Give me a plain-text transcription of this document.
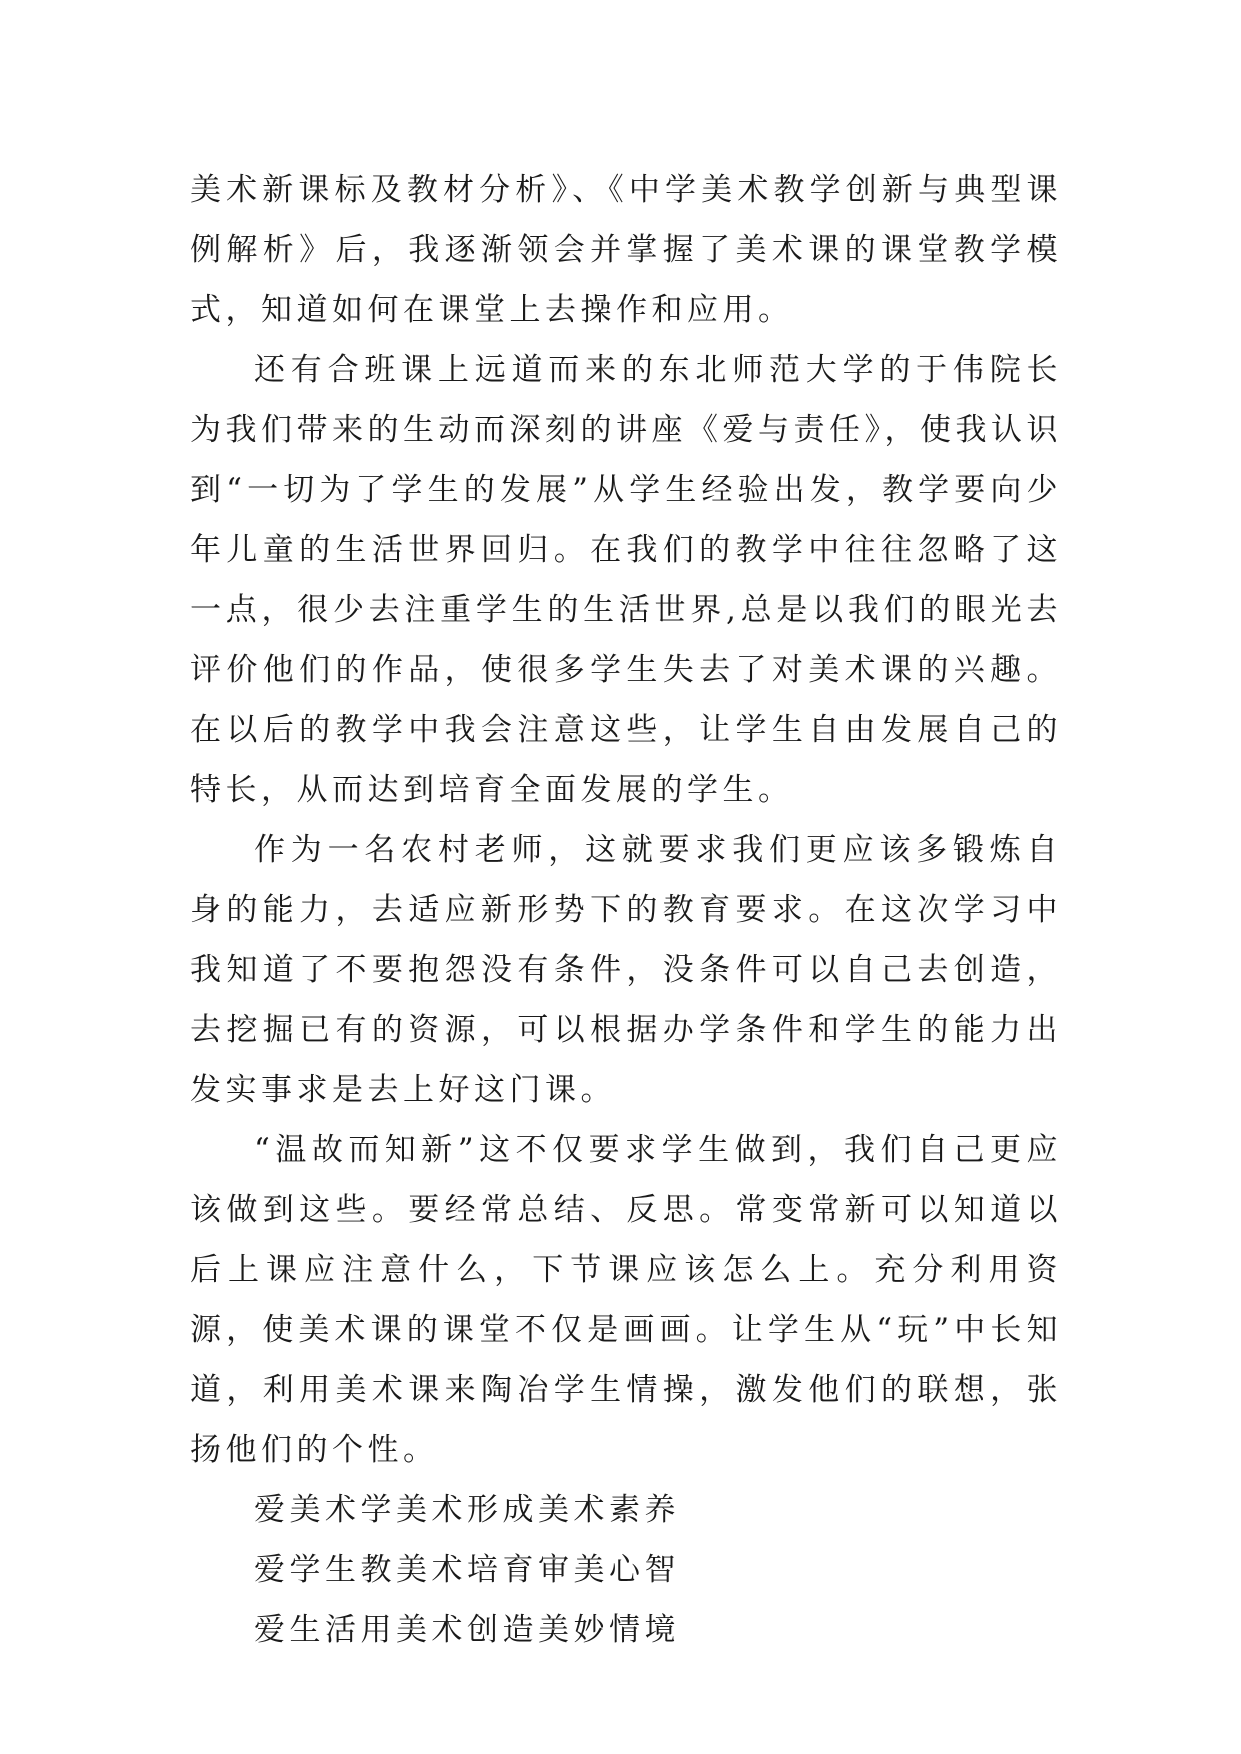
美术新课标及教材分析》、《中学美术教学创新与典型课例解析》后，我逐渐领会并掌握了美术课的课堂教学模式，知道如何在课堂上去操作和应用。

还有合班课上远道而来的东北师范大学的于伟院长为我们带来的生动而深刻的讲座《爱与责任》，使我认识到“一切为了学生的发展”从学生经验出发，教学要向少年儿童的生活世界回归。在我们的教学中往往忽略了这一点，很少去注重学生的生活世界,总是以我们的眼光去评价他们的作品，使很多学生失去了对美术课的兴趣。在以后的教学中我会注意这些，让学生自由发展自己的特长，从而达到培育全面发展的学生。

作为一名农村老师，这就要求我们更应该多锻炼自身的能力，去适应新形势下的教育要求。在这次学习中我知道了不要抱怨没有条件，没条件可以自己去创造，去挖掘已有的资源，可以根据办学条件和学生的能力出发实事求是去上好这门课。

“温故而知新”这不仅要求学生做到，我们自己更应该做到这些。要经常总结、反思。常变常新可以知道以后上课应注意什么，下节课应该怎么上。充分利用资源，使美术课的课堂不仅是画画。让学生从“玩”中长知道，利用美术课来陶冶学生情操，激发他们的联想，张扬他们的个性。

爱美术学美术形成美术素养

爱学生教美术培育审美心智

爱生活用美术创造美妙情境
